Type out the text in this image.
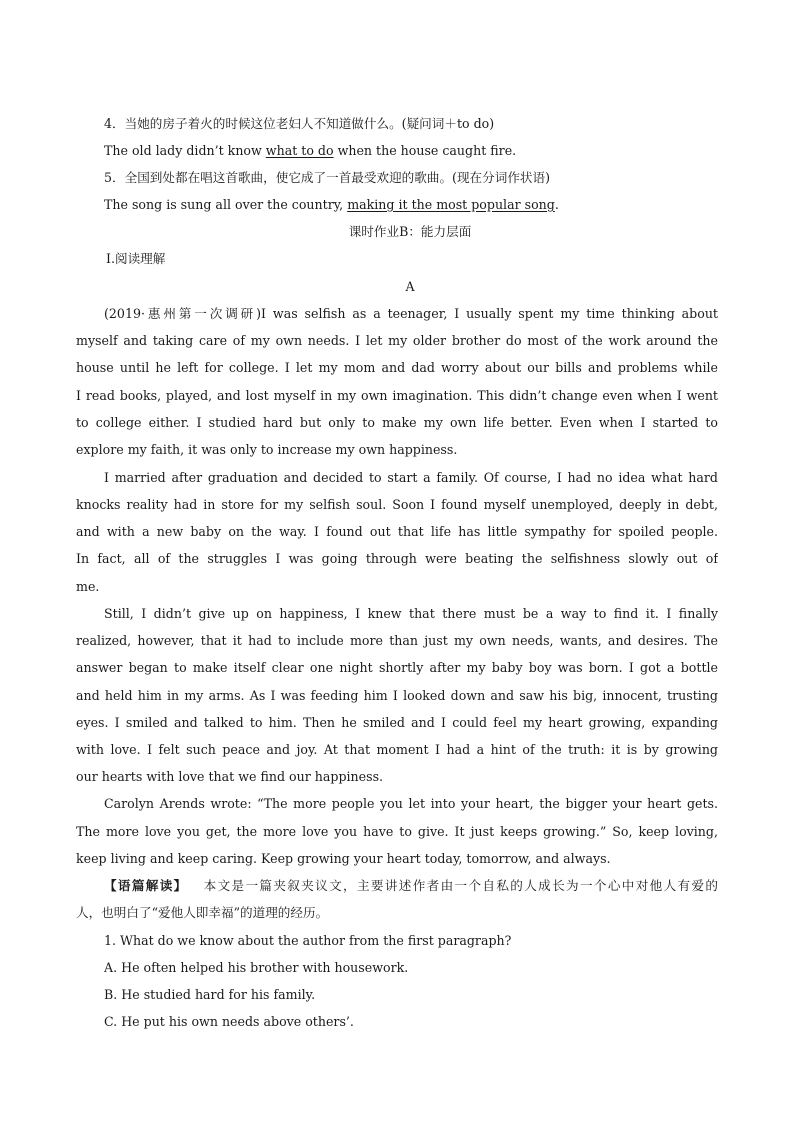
4．当她的房子着火的时候这位老妇人不知道做什么。(疑问词＋to do)
The old lady didn’t know what to do when the house caught fire.
5．全国到处都在唱这首歌曲，使它成了一首最受欢迎的歌曲。(现在分词作状语)
The song is sung all over the country, making it the most popular song.
课时作业B：能力层面
Ⅰ.阅读理解
A
(2019·惠州第一次调研)I was selfish as a teenager, I usually spent my time thinking about
myself and taking care of my own needs. I let my older brother do most of the work around the
house until he left for college. I let my mom and dad worry about our bills and problems while
I read books, played, and lost myself in my own imagination. This didn’t change even when I went
to college either. I studied hard but only to make my own life better. Even when I started to
explore my faith, it was only to increase my own happiness.
I married after graduation and decided to start a family. Of course, I had no idea what hard
knocks reality had in store for my selfish soul. Soon I found myself unemployed, deeply in debt,
and with a new baby on the way. I found out that life has little sympathy for spoiled people.
In fact, all of the struggles I was going through were beating the selfishness slowly out of
me.
Still, I didn’t give up on happiness, I knew that there must be a way to find it. I finally
realized, however, that it had to include more than just my own needs, wants, and desires. The
answer began to make itself clear one night shortly after my baby boy was born. I got a bottle
and held him in my arms. As I was feeding him I looked down and saw his big, innocent, trusting
eyes. I smiled and talked to him. Then he smiled and I could feel my heart growing, expanding
with love. I felt such peace and joy. At that moment I had a hint of the truth: it is by growing
our hearts with love that we find our happiness.
Carolyn Arends wrote: “The more people you let into your heart, the bigger your heart gets.
The more love you get, the more love you have to give. It just keeps growing.” So, keep loving,
keep living and keep caring. Keep growing your heart today, tomorrow, and always.
【语篇解读】 本文是一篇夹叙夹议文，主要讲述作者由一个自私的人成长为一个心中对他人有爱的
人，也明白了“爱他人即幸福”的道理的经历。
1. What do we know about the author from the first paragraph?
A. He often helped his brother with housework.
B. He studied hard for his family.
C. He put his own needs above others’.
